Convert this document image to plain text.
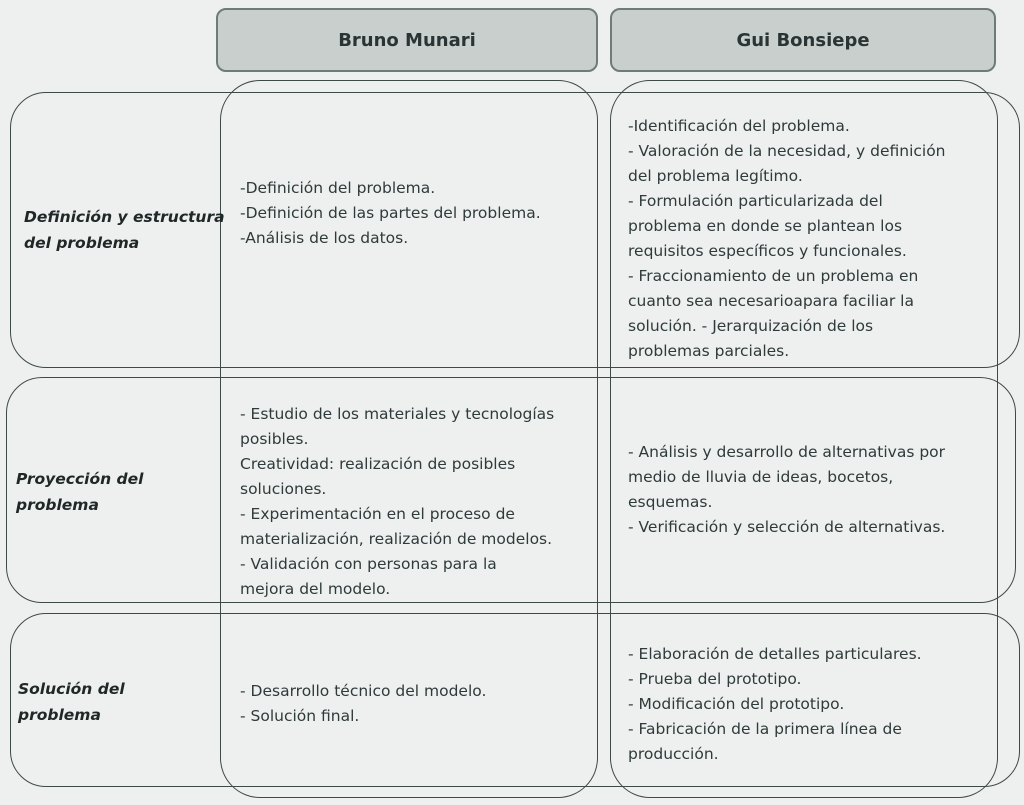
Bruno Munari	Gui Bonsiepe
Definición y estructura
del problema
Proyección del
problema
Solución del
problema
-Definición del problema.
-Definición de las partes del problema.
-Análisis de los datos.
- Estudio de los materiales y tecnologías
posibles.
Creatividad: realización de posibles
soluciones.
- Experimentación en el proceso de
materialización, realización de modelos.
- Validación con personas para la
mejora del modelo.
- Desarrollo técnico del modelo.
- Solución final.
-Identificación del problema.
- Valoración de la necesidad, y definición
del problema legítimo.
- Formulación particularizada del
problema en donde se plantean los
requisitos específicos y funcionales.
- Fraccionamiento de un problema en
cuanto sea necesarioapara faciliar la
solución. - Jerarquización de los
problemas parciales.
- Análisis y desarrollo de alternativas por
medio de lluvia de ideas, bocetos,
esquemas.
- Verificación y selección de alternativas.
- Elaboración de detalles particulares.
- Prueba del prototipo.
- Modificación del prototipo.
- Fabricación de la primera línea de
producción.
